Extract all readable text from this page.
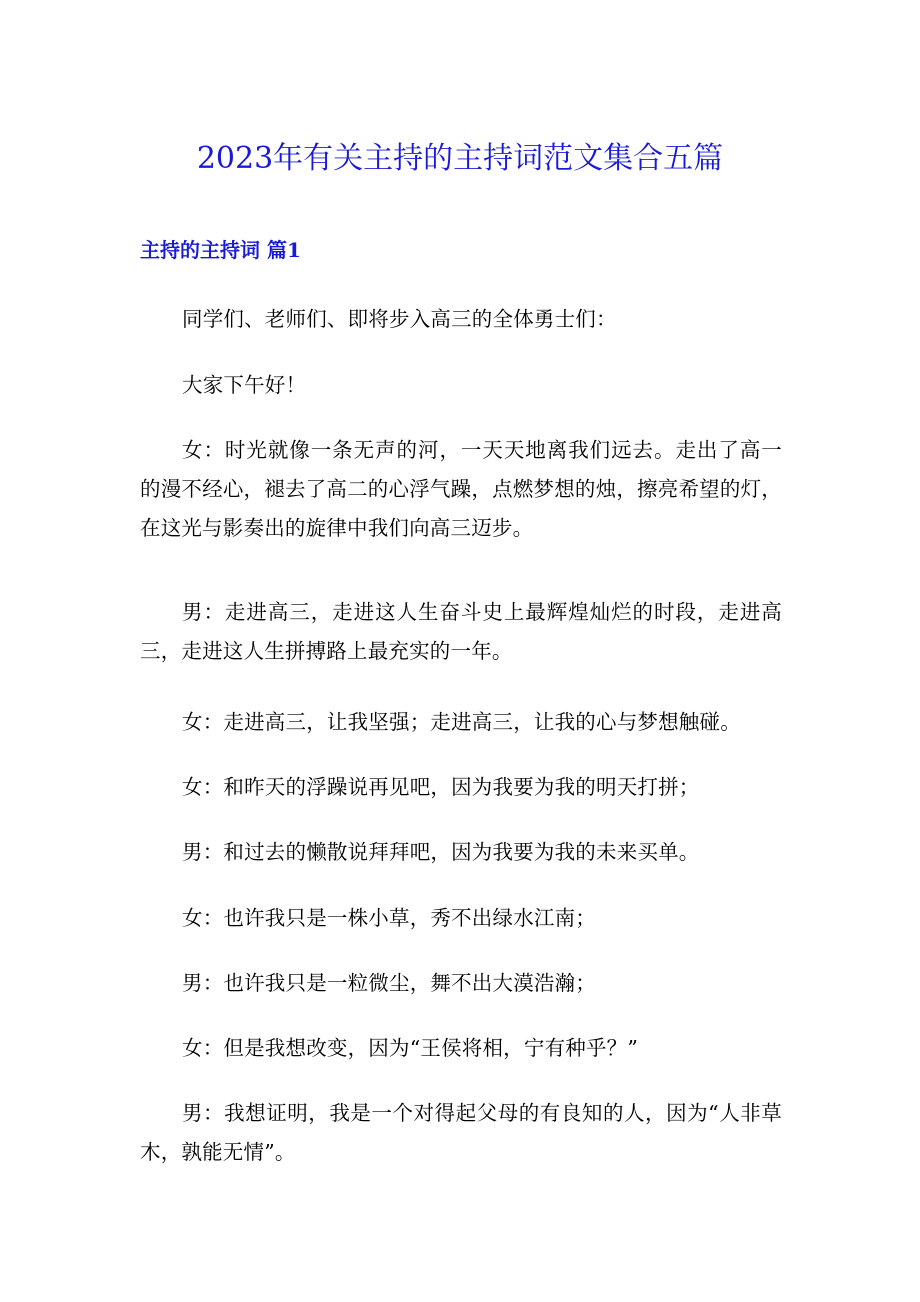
2023年有关主持的主持词范文集合五篇
主持的主持词 篇1

同学们、老师们、即将步入高三的全体勇士们：

大家下午好！

女：时光就像一条无声的河，一天天地离我们远去。走出了高一的漫不经心，褪去了高二的心浮气躁，点燃梦想的烛，擦亮希望的灯，在这光与影奏出的旋律中我们向高三迈步。

男：走进高三，走进这人生奋斗史上最辉煌灿烂的时段，走进高三，走进这人生拼搏路上最充实的一年。

女：走进高三，让我坚强；走进高三，让我的心与梦想触碰。

女：和昨天的浮躁说再见吧，因为我要为我的明天打拼；

男：和过去的懒散说拜拜吧，因为我要为我的未来买单。

女：也许我只是一株小草，秀不出绿水江南；

男：也许我只是一粒微尘，舞不出大漠浩瀚；

女：但是我想改变，因为“王侯将相，宁有种乎？”

男：我想证明，我是一个对得起父母的有良知的人，因为“人非草木，孰能无情”。
